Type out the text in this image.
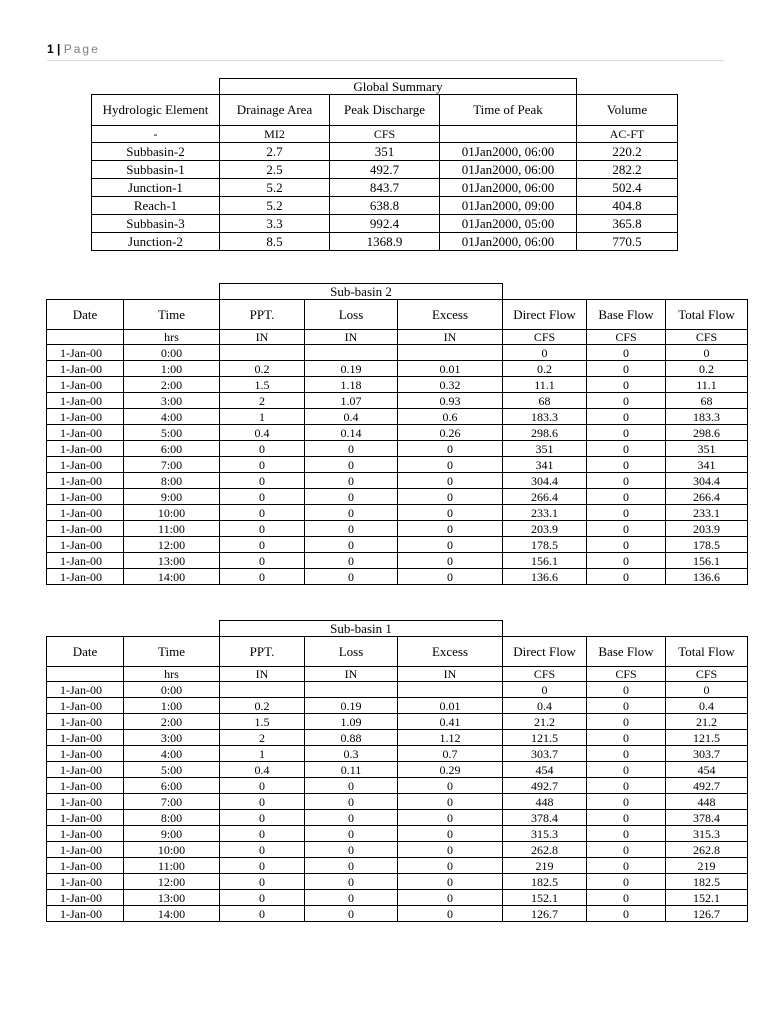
1 | Page
	Global Summary			
Hydrologic Element	Drainage Area	Peak Discharge	Time of Peak	Volume
-	MI2	CFS		AC-FT
Subbasin-2	2.7	351	01Jan2000, 06:00	220.2
Subbasin-1	2.5	492.7	01Jan2000, 06:00	282.2
Junction-1	5.2	843.7	01Jan2000, 06:00	502.4
Reach-1	5.2	638.8	01Jan2000, 09:00	404.8
Subbasin-3	3.3	992.4	01Jan2000, 05:00	365.8
Junction-2	8.5	1368.9	01Jan2000, 06:00	770.5
		Sub-basin 2					
Date	Time	PPT.	Loss	Excess	Direct Flow	Base Flow	Total Flow
	hrs	IN	IN	IN	CFS	CFS	CFS
1-Jan-00	0:00				0	0	0
1-Jan-00	1:00	0.2	0.19	0.01	0.2	0	0.2
1-Jan-00	2:00	1.5	1.18	0.32	11.1	0	11.1
1-Jan-00	3:00	2	1.07	0.93	68	0	68
1-Jan-00	4:00	1	0.4	0.6	183.3	0	183.3
1-Jan-00	5:00	0.4	0.14	0.26	298.6	0	298.6
1-Jan-00	6:00	0	0	0	351	0	351
1-Jan-00	7:00	0	0	0	341	0	341
1-Jan-00	8:00	0	0	0	304.4	0	304.4
1-Jan-00	9:00	0	0	0	266.4	0	266.4
1-Jan-00	10:00	0	0	0	233.1	0	233.1
1-Jan-00	11:00	0	0	0	203.9	0	203.9
1-Jan-00	12:00	0	0	0	178.5	0	178.5
1-Jan-00	13:00	0	0	0	156.1	0	156.1
1-Jan-00	14:00	0	0	0	136.6	0	136.6
		Sub-basin 1					
Date	Time	PPT.	Loss	Excess	Direct Flow	Base Flow	Total Flow
	hrs	IN	IN	IN	CFS	CFS	CFS
1-Jan-00	0:00				0	0	0
1-Jan-00	1:00	0.2	0.19	0.01	0.4	0	0.4
1-Jan-00	2:00	1.5	1.09	0.41	21.2	0	21.2
1-Jan-00	3:00	2	0.88	1.12	121.5	0	121.5
1-Jan-00	4:00	1	0.3	0.7	303.7	0	303.7
1-Jan-00	5:00	0.4	0.11	0.29	454	0	454
1-Jan-00	6:00	0	0	0	492.7	0	492.7
1-Jan-00	7:00	0	0	0	448	0	448
1-Jan-00	8:00	0	0	0	378.4	0	378.4
1-Jan-00	9:00	0	0	0	315.3	0	315.3
1-Jan-00	10:00	0	0	0	262.8	0	262.8
1-Jan-00	11:00	0	0	0	219	0	219
1-Jan-00	12:00	0	0	0	182.5	0	182.5
1-Jan-00	13:00	0	0	0	152.1	0	152.1
1-Jan-00	14:00	0	0	0	126.7	0	126.7
